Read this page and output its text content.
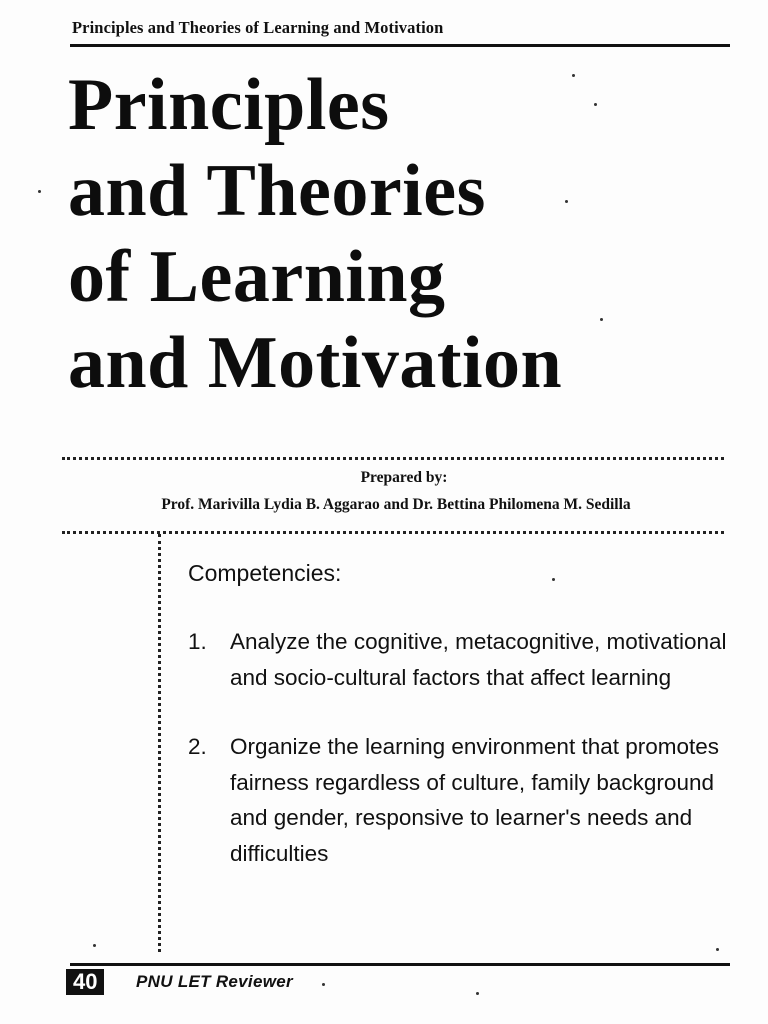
Principles and Theories of Learning and Motivation
Principles
and Theories
of Learning
and Motivation
Prepared by:
Prof. Marivilla Lydia B. Aggarao and Dr. Bettina Philomena M. Sedilla
Competencies:
1.	Analyze the cognitive, metacognitive, motivational and socio-cultural factors that affect learning
2.	Organize the learning environment that promotes fairness regardless of culture, family background and gender, responsive to learner's needs and difficulties
40	PNU LET Reviewer
